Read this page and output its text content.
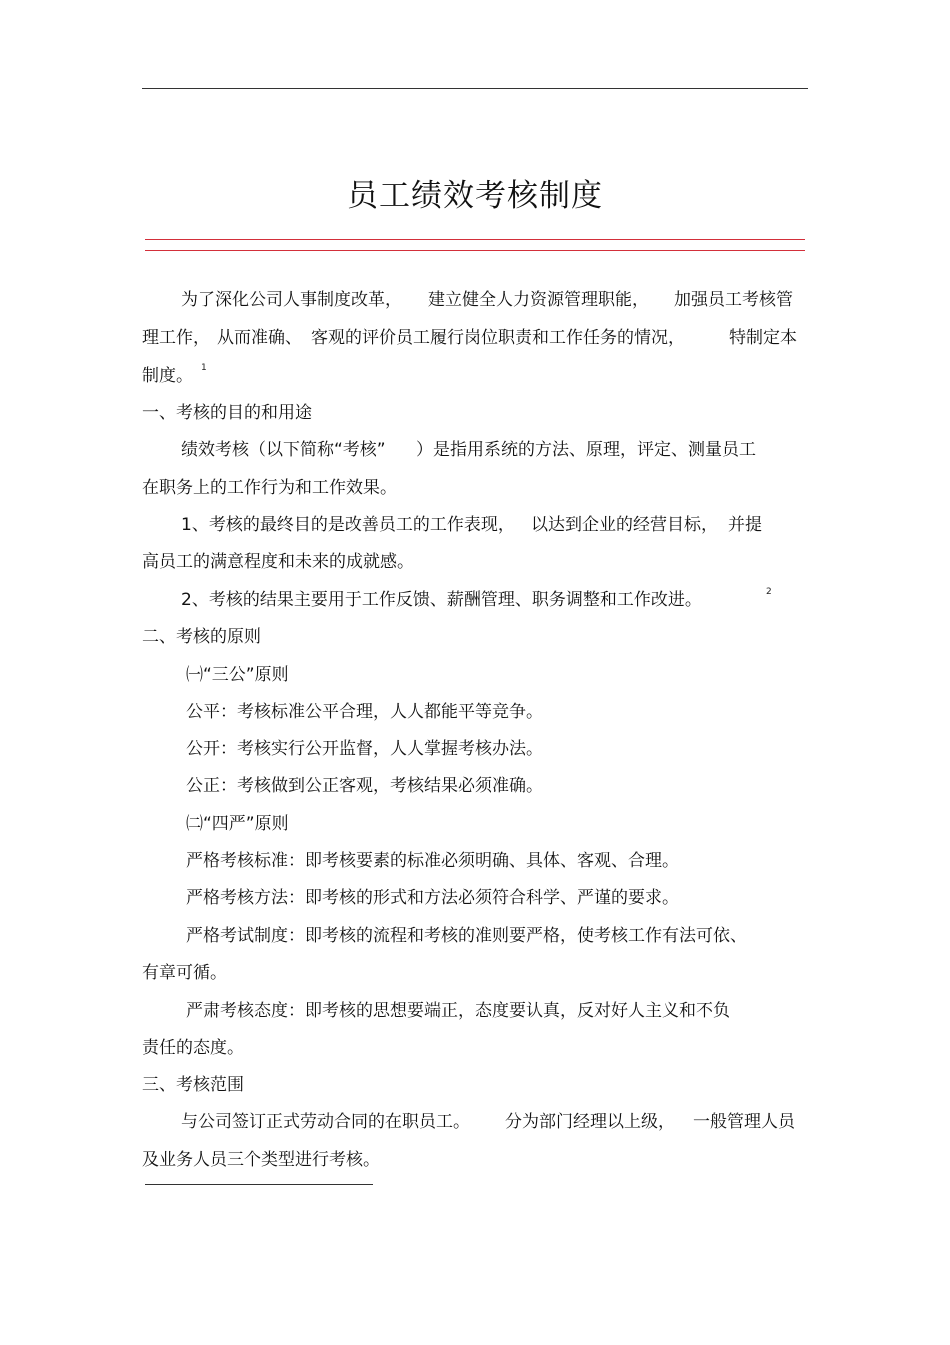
员工绩效考核制度
为了深化公司人事制度改革， 建立健全人力资源管理职能， 加强员工考核管
理工作， 从而准确、 客观的评价员工履行岗位职责和工作任务的情况，	特制定本
制度。 1
一、考核的目的和用途
绩效考核（以下简称“考核” ）是指用系统的方法、原理，评定、测量员工
在职务上的工作行为和工作效果。
1、考核的最终目的是改善员工的工作表现， 以达到企业的经营目标， 并提
高员工的满意程度和未来的成就感。
2、考核的结果主要用于工作反馈、薪酬管理、职务调整和工作改进。	2
二、考核的原则
㈠“三公”原则
公平：考核标准公平合理，人人都能平等竞争。
公开：考核实行公开监督，人人掌握考核办法。
公正：考核做到公正客观，考核结果必须准确。
㈡“四严”原则
严格考核标准：即考核要素的标准必须明确、具体、客观、合理。
严格考核方法：即考核的形式和方法必须符合科学、严谨的要求。
严格考试制度：即考核的流程和考核的准则要严格，使考核工作有法可依、
有章可循。
严肃考核态度：即考核的思想要端正，态度要认真，反对好人主义和不负
责任的态度。
三、考核范围
与公司签订正式劳动合同的在职员工。 分为部门经理以上级， 一般管理人员
及业务人员三个类型进行考核。
